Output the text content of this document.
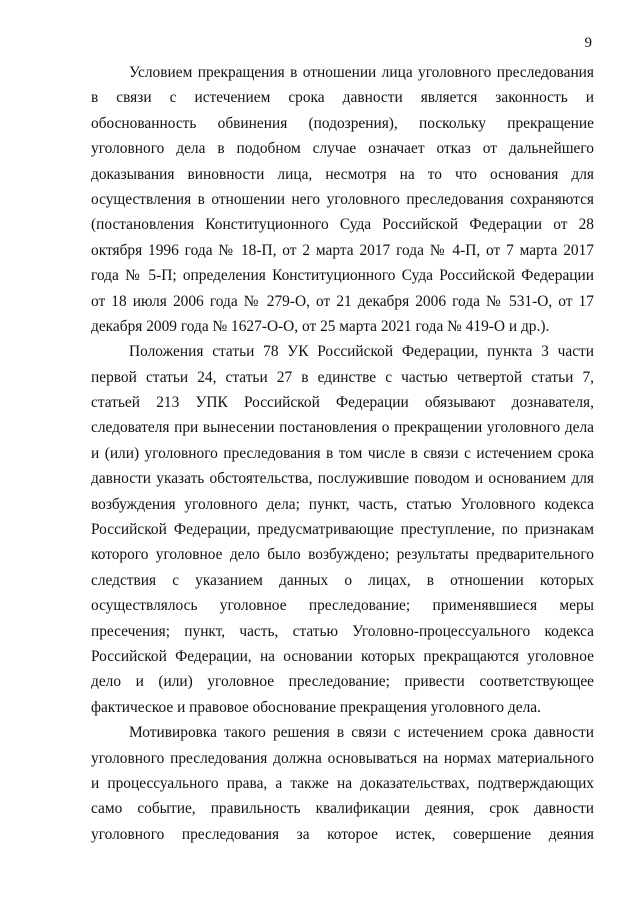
9
Условием прекращения в отношении лица уголовного преследования
в связи с истечением срока давности является законность и
обоснованность обвинения (подозрения), поскольку прекращение
уголовного дела в подобном случае означает отказ от дальнейшего
доказывания виновности лица, несмотря на то что основания для
осуществления в отношении него уголовного преследования сохраняются
(постановления Конституционного Суда Российской Федерации от 28
октября 1996 года № 18-П, от 2 марта 2017 года № 4-П, от 7 марта 2017
года № 5-П; определения Конституционного Суда Российской Федерации
от 18 июля 2006 года № 279-О, от 21 декабря 2006 года № 531-О, от 17
декабря 2009 года № 1627-О-О, от 25 марта 2021 года № 419-О и др.).
Положения статьи 78 УК Российской Федерации, пункта 3 части
первой статьи 24, статьи 27 в единстве с частью четвертой статьи 7,
статьей 213 УПК Российской Федерации обязывают дознавателя,
следователя при вынесении постановления о прекращении уголовного дела
и (или) уголовного преследования в том числе в связи с истечением срока
давности указать обстоятельства, послужившие поводом и основанием для
возбуждения уголовного дела; пункт, часть, статью Уголовного кодекса
Российской Федерации, предусматривающие преступление, по признакам
которого уголовное дело было возбуждено; результаты предварительного
следствия с указанием данных о лицах, в отношении которых
осуществлялось уголовное преследование; применявшиеся меры
пресечения; пункт, часть, статью Уголовно-процессуального кодекса
Российской Федерации, на основании которых прекращаются уголовное
дело и (или) уголовное преследование; привести соответствующее
фактическое и правовое обоснование прекращения уголовного дела.
Мотивировка такого решения в связи с истечением срока давности
уголовного преследования должна основываться на нормах материального
и процессуального права, а также на доказательствах, подтверждающих
само событие, правильность квалификации деяния, срок давности
уголовного преследования за которое истек, совершение деяния
